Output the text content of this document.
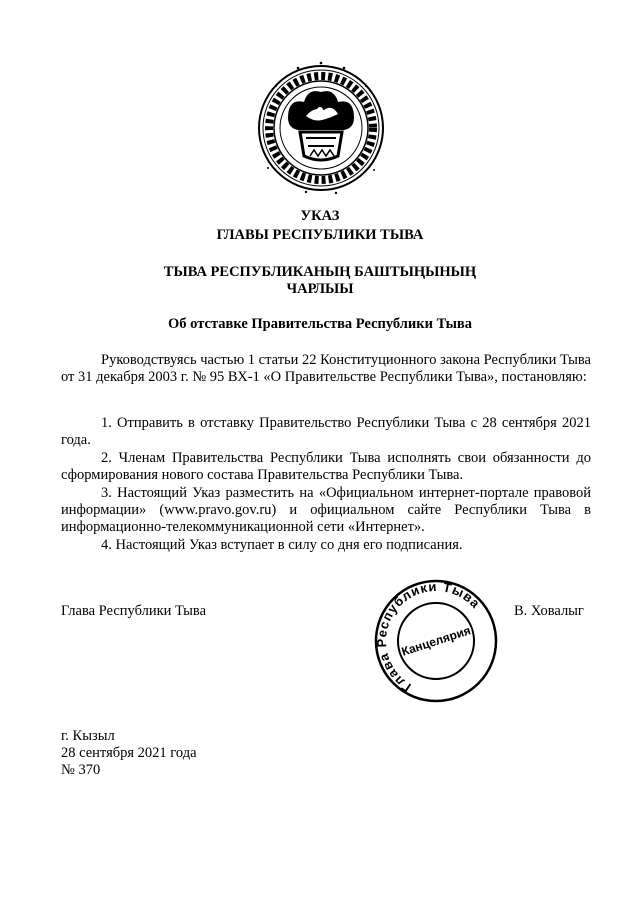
УКАЗ
ГЛАВЫ РЕСПУБЛИКИ ТЫВА
ТЫВА РЕСПУБЛИКАНЫҢ БАШТЫҢЫНЫҢ
ЧАРЛЫЫ
Об отставке Правительства Республики Тыва
Руководствуясь частью 1 статьи 22 Конституционного закона Республики Тыва от 31 декабря 2003 г. № 95 ВХ-1 «О Правительстве Республики Тыва», постановляю:
1. Отправить в отставку Правительство Республики Тыва с 28 сентября 2021 года.
2. Членам Правительства Республики Тыва исполнять свои обязанности до сформирования нового состава Правительства Республики Тыва.
3. Настоящий Указ разместить на «Официальном интернет-портале правовой информации» (www.pravo.gov.ru) и официальном сайте Республики Тыва в информационно-телекоммуникационной сети «Интернет».
4. Настоящий Указ вступает в силу со дня его подписания.
Глава Республики Тыва
Глава Республики Тыва
Канцелярия
В. Ховалыг
г. Кызыл
28 сентября 2021 года
№ 370
